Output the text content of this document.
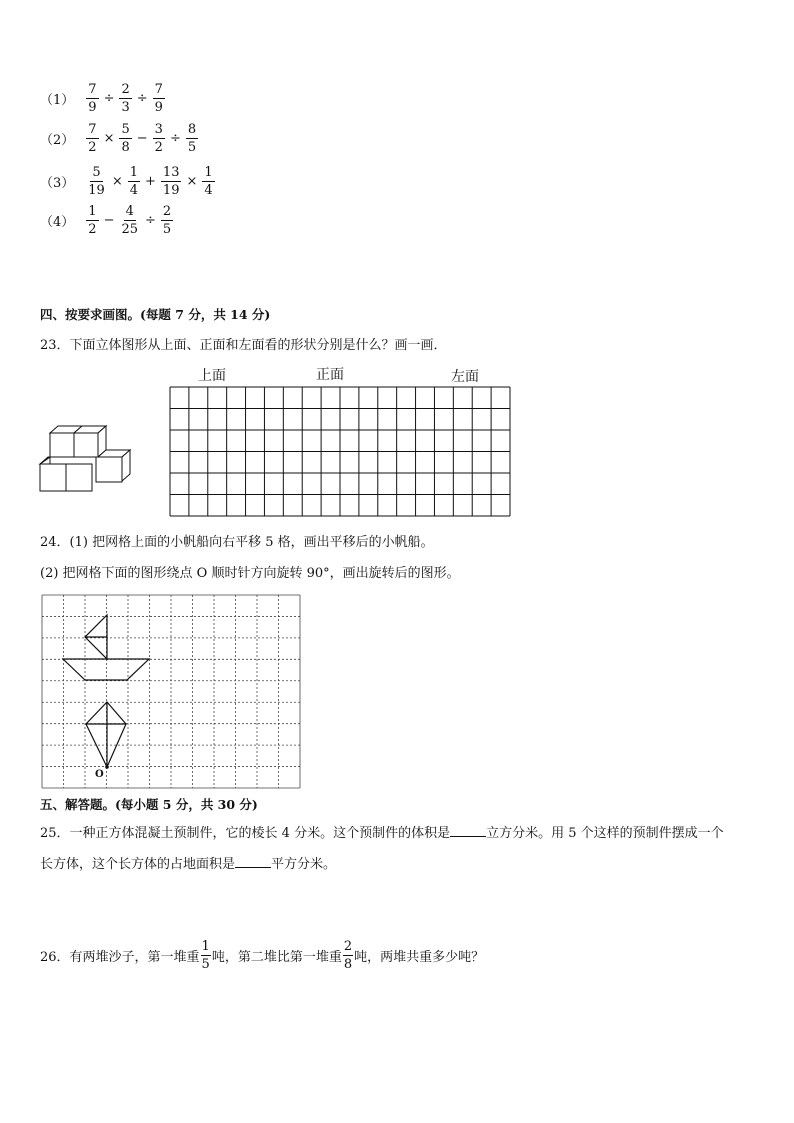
$(1) \frac{7}{9} \div \frac{2}{3} \div \frac{7}{9}$
$(2) \frac{7}{2} \times \frac{5}{8} - \frac{3}{2} \div \frac{8}{5}$
$(3) \frac{5}{19} \times \frac{1}{4} + \frac{13}{19} \times \frac{1}{4}$
$(4) \frac{1}{2} - \frac{4}{25} \div \frac{2}{5}$
四、按要求画图。(每题 7 分，共 14 分)
23．下面立体图形从上面、正面和左面看的形状分别是什么？画一画．
上面	正面	左面
24．(1) 把网格上面的小帆船向右平移 5 格，画出平移后的小帆船。
(2) 把网格下面的图形绕点 O 顺时针方向旋转 90°，画出旋转后的图形。
O
五、解答题。(每小题 5 分，共 30 分)
25．一种正方体混凝土预制件，它的棱长 4 分米。这个预制件的体积是	立方分米。用 5 个这样的预制件摆成一个
长方体，这个长方体的占地面积是	平方分米。
26．有两堆沙子，第一堆重 $\frac{1}{5}$ 吨，第二堆比第一堆重 $\frac{2}{8}$ 吨，两堆共重多少吨？
